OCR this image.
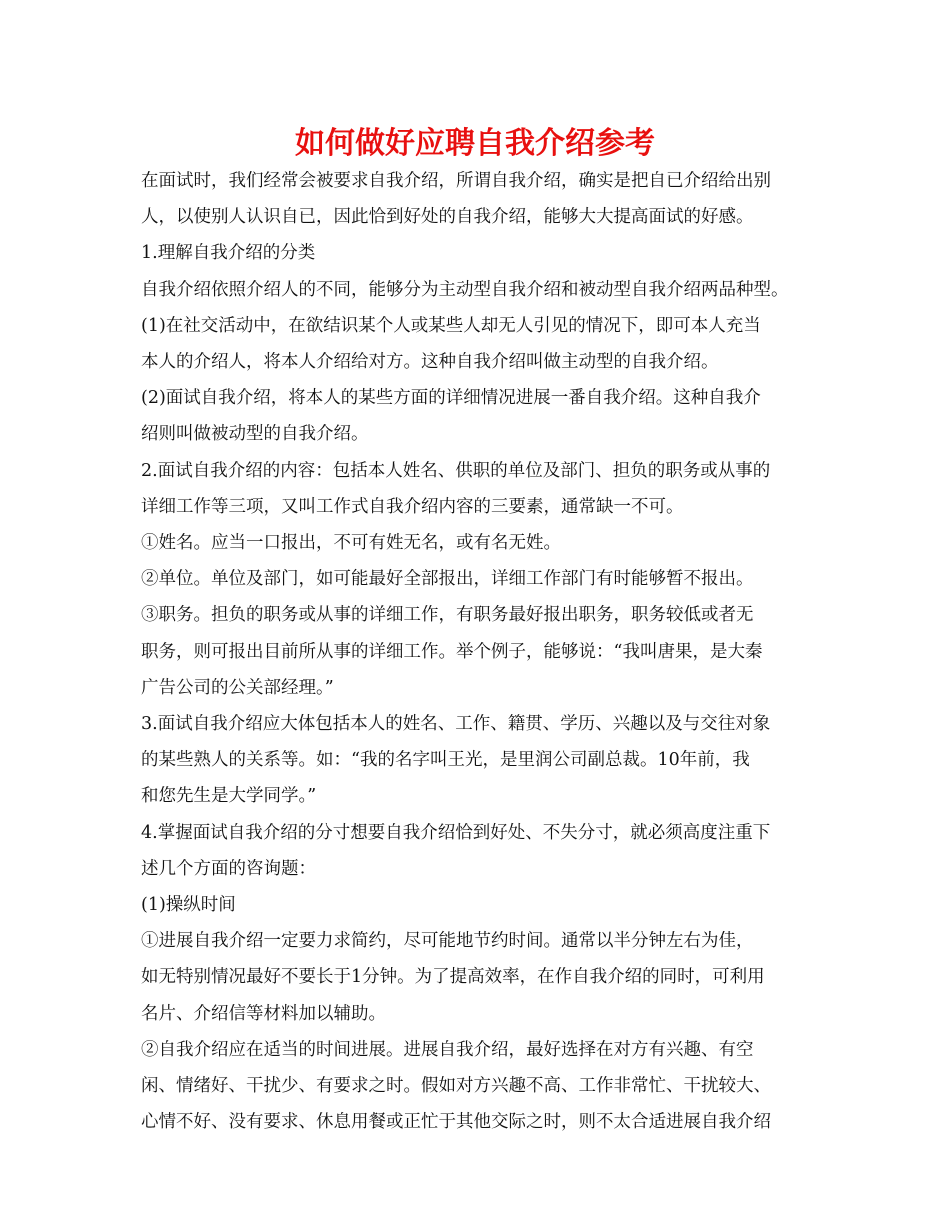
如何做好应聘自我介绍参考

在面试时，我们经常会被要求自我介绍，所谓自我介绍，确实是把自已介绍给出别
人，以使别人认识自已，因此恰到好处的自我介绍，能够大大提高面试的好感。

1.理解自我介绍的分类

自我介绍依照介绍人的不同，能够分为主动型自我介绍和被动型自我介绍两品种型。

(1)在社交活动中，在欲结识某个人或某些人却无人引见的情况下，即可本人充当
本人的介绍人，将本人介绍给对方。这种自我介绍叫做主动型的自我介绍。

(2)面试自我介绍，将本人的某些方面的详细情况进展一番自我介绍。这种自我介
绍则叫做被动型的自我介绍。

2.面试自我介绍的内容：包括本人姓名、供职的单位及部门、担负的职务或从事的
详细工作等三项，又叫工作式自我介绍内容的三要素，通常缺一不可。

①姓名。应当一口报出，不可有姓无名，或有名无姓。

②单位。单位及部门，如可能最好全部报出，详细工作部门有时能够暂不报出。

③职务。担负的职务或从事的详细工作，有职务最好报出职务，职务较低或者无
职务，则可报出目前所从事的详细工作。举个例子，能够说：“我叫唐果，是大秦
广告公司的公关部经理。”

3.面试自我介绍应大体包括本人的姓名、工作、籍贯、学历、兴趣以及与交往对象
的某些熟人的关系等。如：“我的名字叫王光，是里润公司副总裁。10年前，我
和您先生是大学同学。”

4.掌握面试自我介绍的分寸想要自我介绍恰到好处、不失分寸，就必须高度注重下
述几个方面的咨询题：

(1)操纵时间

①进展自我介绍一定要力求简约，尽可能地节约时间。通常以半分钟左右为佳，
如无特别情况最好不要长于1分钟。为了提高效率，在作自我介绍的同时，可利用
名片、介绍信等材料加以辅助。

②自我介绍应在适当的时间进展。进展自我介绍，最好选择在对方有兴趣、有空
闲、情绪好、干扰少、有要求之时。假如对方兴趣不高、工作非常忙、干扰较大、
心情不好、没有要求、休息用餐或正忙于其他交际之时，则不太合适进展自我介绍
